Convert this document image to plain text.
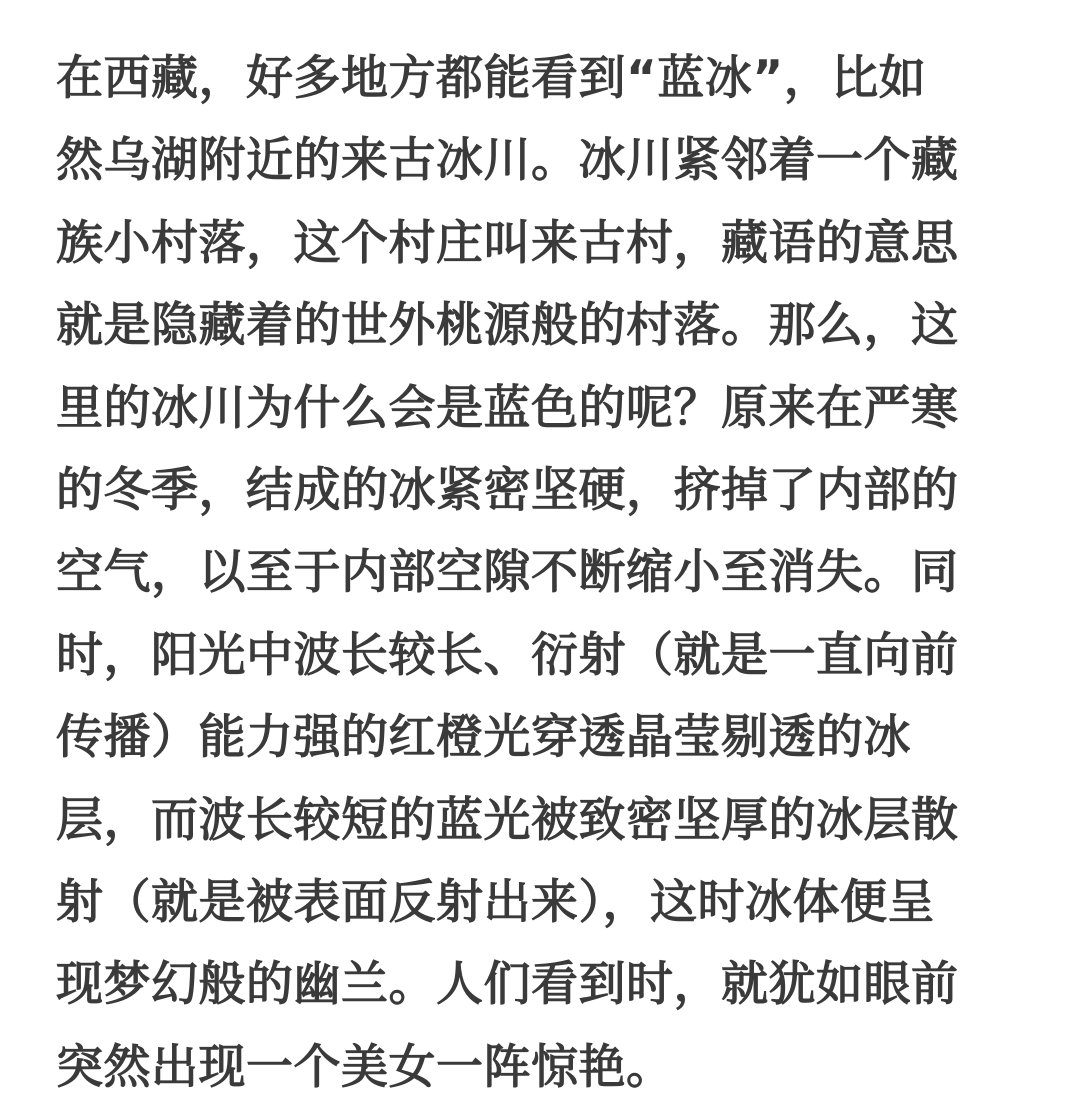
在西藏，好多地方都能看到“蓝冰”，比如
然乌湖附近的来古冰川。冰川紧邻着一个藏
族小村落，这个村庄叫来古村，藏语的意思
就是隐藏着的世外桃源般的村落。那么，这
里的冰川为什么会是蓝色的呢？原来在严寒
的冬季，结成的冰紧密坚硬，挤掉了内部的
空气，以至于内部空隙不断缩小至消失。同
时，阳光中波长较长、衍射（就是一直向前
传播）能力强的红橙光穿透晶莹剔透的冰
层，而波长较短的蓝光被致密坚厚的冰层散
射（就是被表面反射出来），这时冰体便呈
现梦幻般的幽兰。人们看到时，就犹如眼前
突然出现一个美女一阵惊艳。
